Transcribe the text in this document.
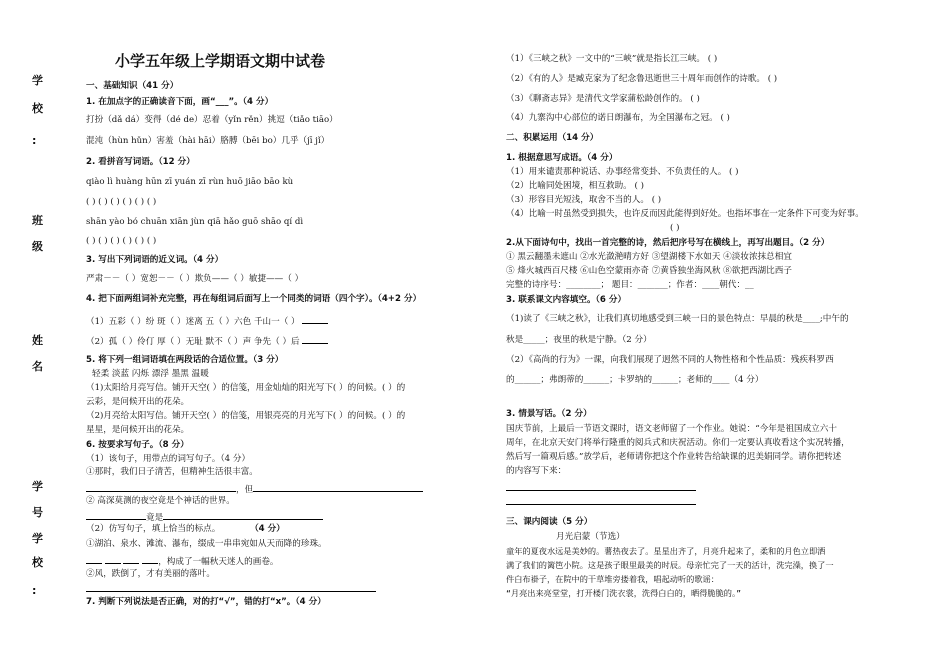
学
校
:
班
级
姓
名
学
号
学
校
:
小学五年级上学期语文期中试卷
一、基础知识（41 分）
1. 在加点字的正确读音下面，画“___”。（4 分）
打扮（dǎ dá）变得（dé de）忍着（yǐn rěn）挑逗（tiǎo tiāo）
混沌（hùn hǔn）害羞（hài hāi）胳膊（bēi bo）几乎（jī jǐ）
2. 看拼音写词语。（12 分）
qiào lì huàng hūn zī yuán zī rùn huō jiāo bāo kù
( ) ( ) ( ) ( ) ( ) ( )
shān yào bó chuān xiān jùn qiā hǎo guō shāo qí dì
( ) ( ) ( ) ( ) ( ) ( )
3. 写出下列词语的近义词。（4 分）
严肃－－（ ）宽恕－－（ ）欺负——（ ）敏捷——（ ）
4. 把下面两组词补充完整，再在每组词后面写上一个同类的词语（四个字）。（4+2 分）
（1）五彩（ ）纷 斑（ ）迷离 五（ ）六色 千山一（ ）
（2）孤（ ）伶仃 厚（ ）无耻 默不（ ）声 争先（ ）后
5. 将下列一组词语填在两段话的合适位置。（3 分）
轻柔 淡蓝 闪烁 漂浮 墨黑 温暖
（1)太阳给月亮写信。铺开天空( ）的信笺，用金灿灿的阳光写下( ）的问候。( ）的
云彩，是问候开出的花朵。
（2)月亮给太阳写信。铺开天空( ）的信笺，用银亮亮的月光写下( ）的问候。( ）的
星星，是问候开出的花朵。
6. 按要求写句子。（8 分）
（1）该句子，用带点的词写句子。（4 分）
①那时，我们日子清苦，但精神生活很丰富。
，但
② 高深莫测的夜空竟是个神话的世界。
竟是
（2）仿写句子，填上恰当的标点。	（4 分）
①湖泊、泉水、滩流、瀑布，缀成一串串宛如从天而降的珍珠。
，构成了一幅秋天迷人的画卷。
②风，跌倒了，才有美丽的落叶。
7. 判断下列说法是否正确，对的打“√”，错的打“x”。（4 分）
（1）《三峡之秋》一文中的“三峡”就是指长江三峡。 ( )
（2）《有的人》是臧克家为了纪念鲁迅逝世三十周年而创作的诗歌。 ( )
（3）《聊斋志异》是清代文学家蒲松龄创作的。 ( )
（4）九寨沟中心部位的诺日朗瀑布，为全国瀑布之冠。 ( )
二、积累运用（14 分）
1. 根据意思写成语。（4 分）
（1）用来谴责那种说话、办事经常变卦、不负责任的人。 ( )
（2）比喻同处困境，相互救助。 ( )
（3）形容目光短浅，取舍不当的人。 ( )
（4）比喻一时虽然受到损失，也许反而因此能得到好处。也指坏事在一定条件下可变为好事。
( )
2.从下面诗句中，找出一首完整的诗，然后把序号写在横线上，再写出题目。（2 分）
① 黑云翻墨未遮山 ②水光潋滟晴方好 ③望湖楼下水如天 ④淡妆浓抹总相宜
⑤ 烽火城西百尺楼 ⑥山色空蒙雨亦奇 ⑦黄昏独坐海风秋 ⑧欲把西湖比西子
完整的诗序号：________； 题目：_______；作者：____朝代：__
3. 联系课文内容填空。（6 分）
（1)读了《三峡之秋》，让我们真切地感受到三峡一日的景色特点：早晨的秋是____;中午的
秋是_____；夜里的秋是宁静。（2 分）
（2）《高尚的行为》一课，向我们展现了迥然不同的人物性格和个性品质：残疾科罗西
的______；弗朗蒂的______；卡罗纳的______；老师的____（4 分）
3. 情景写话。（2 分）
国庆节前，上最后一节语文课时，语文老师留了一个作业。她说：“今年是祖国成立六十
周年，在北京天安门将举行隆重的阅兵式和庆祝活动。你们一定要认真收看这个实况转播，
然后写一篇观后感。”放学后，老师请你把这个作业转告给缺课的迟美娟同学。请你把转述
的内容写下来：
三、课内阅读（5 分）
月光启蒙（节选）
童年的夏夜水远是美妙的。薯热夜去了。星星出齐了，月亮升起来了，柔和的月色立即洒
满了我们的篱笆小院。这是孩子眼里最美的时辰。母亲忙完了一天的活计，洗完澡，换了一
件白布褂子，在院中的干草堆旁搂着我，唱起动听的歌谣：
“月亮出来亮堂堂，打开楼门洗衣裳，洗得白白的，晒得脆脆的。”
